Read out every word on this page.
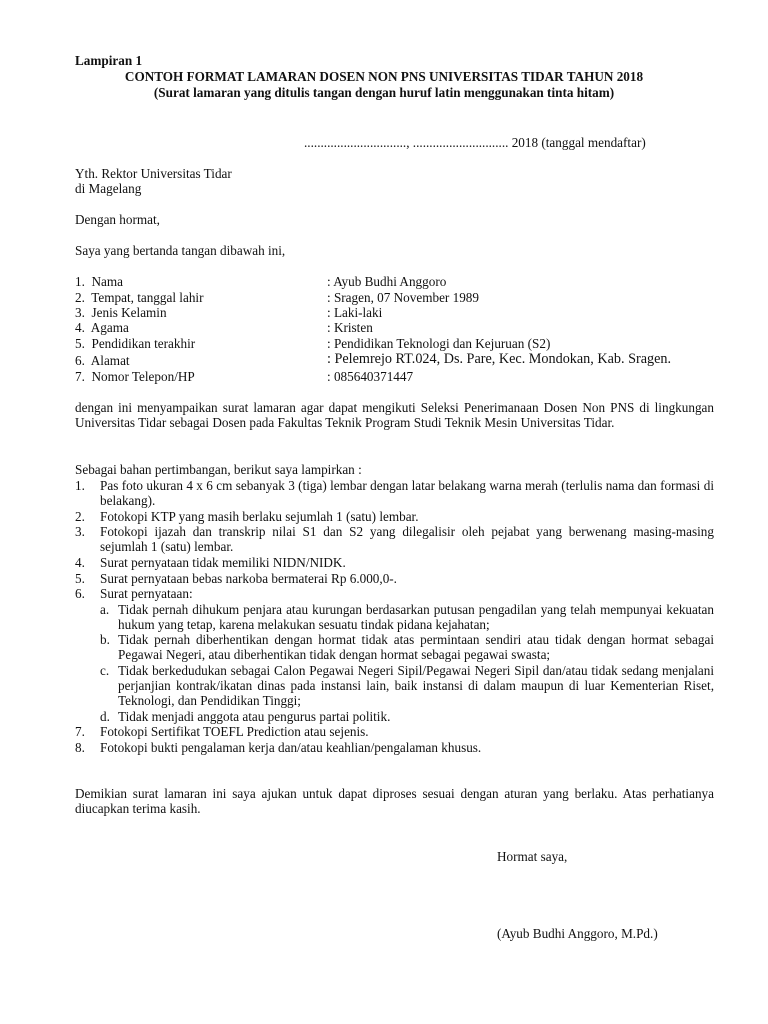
Lampiran 1
CONTOH FORMAT LAMARAN DOSEN NON PNS UNIVERSITAS TIDAR TAHUN 2018
(Surat lamaran yang ditulis tangan dengan huruf latin menggunakan tinta hitam)
..............................., ............................. 2018 (tanggal mendaftar)
Yth. Rektor Universitas Tidar
di Magelang
Dengan hormat,
Saya yang bertanda tangan dibawah ini,
1. Nama	: Ayub Budhi Anggoro
2. Tempat, tanggal lahir	: Sragen, 07 November 1989
3. Jenis Kelamin	: Laki-laki
4. Agama	: Kristen
5. Pendidikan terakhir	: Pendidikan Teknologi dan Kejuruan (S2)
6. Alamat	: Pelemrejo RT.024, Ds. Pare, Kec. Mondokan, Kab. Sragen.
7. Nomor Telepon/HP	: 085640371447
dengan ini menyampaikan surat lamaran agar dapat mengikuti Seleksi Penerimanaan Dosen Non PNS di lingkungan Universitas Tidar sebagai Dosen pada Fakultas Teknik Program Studi Teknik Mesin Universitas Tidar.
Sebagai bahan pertimbangan, berikut saya lampirkan :
1. Pas foto ukuran 4 x 6 cm sebanyak 3 (tiga) lembar dengan latar belakang warna merah (terlulis nama dan formasi di belakang).
2. Fotokopi KTP yang masih berlaku sejumlah 1 (satu) lembar.
3. Fotokopi ijazah dan transkrip nilai S1 dan S2 yang dilegalisir oleh pejabat yang berwenang masing-masing sejumlah 1 (satu) lembar.
4. Surat pernyataan tidak memiliki NIDN/NIDK.
5. Surat pernyataan bebas narkoba bermaterai Rp 6.000,0-.
6. Surat pernyataan:
a. Tidak pernah dihukum penjara atau kurungan berdasarkan putusan pengadilan yang telah mempunyai kekuatan hukum yang tetap, karena melakukan sesuatu tindak pidana kejahatan;
b. Tidak pernah diberhentikan dengan hormat tidak atas permintaan sendiri atau tidak dengan hormat sebagai Pegawai Negeri, atau diberhentikan tidak dengan hormat sebagai pegawai swasta;
c. Tidak berkedudukan sebagai Calon Pegawai Negeri Sipil/Pegawai Negeri Sipil dan/atau tidak sedang menjalani perjanjian kontrak/ikatan dinas pada instansi lain, baik instansi di dalam maupun di luar Kementerian Riset, Teknologi, dan Pendidikan Tinggi;
d. Tidak menjadi anggota atau pengurus partai politik.
7. Fotokopi Sertifikat TOEFL Prediction atau sejenis.
8. Fotokopi bukti pengalaman kerja dan/atau keahlian/pengalaman khusus.
Demikian surat lamaran ini saya ajukan untuk dapat diproses sesuai dengan aturan yang berlaku. Atas perhatianya diucapkan terima kasih.
Hormat saya,
(Ayub Budhi Anggoro, M.Pd.)
